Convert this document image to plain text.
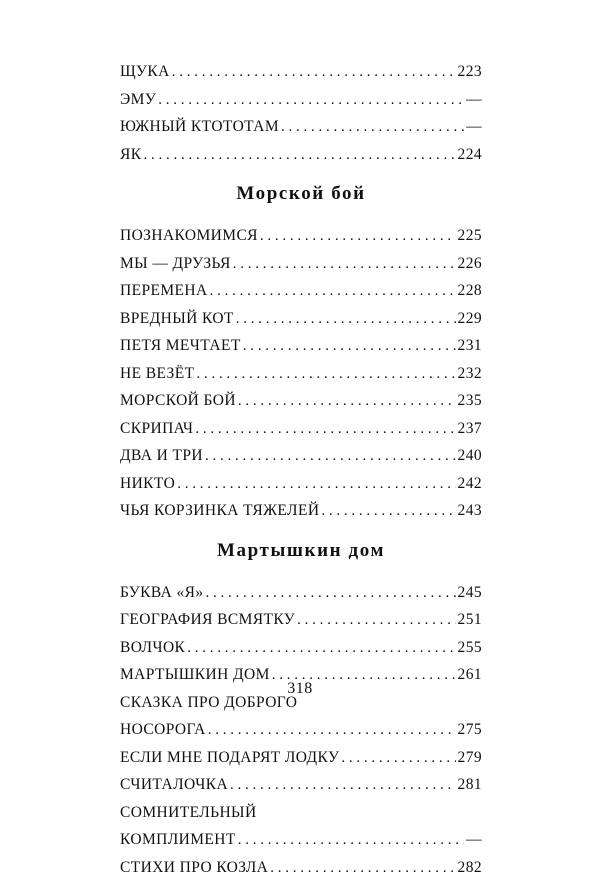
ЩУКА . . .	223
ЭМУ . . .	—
ЮЖНЫЙ КТОТОТАМ . . .	—
ЯК . . .	224
Морской бой
ПОЗНАКОМИМСЯ . . .	225
МЫ — ДРУЗЬЯ . . .	226
ПЕРЕМЕНА . . .	228
ВРЕДНЫЙ КОТ . . .	229
ПЕТЯ МЕЧТАЕТ . . .	231
НЕ ВЕЗЁТ . . .	232
МОРСКОЙ БОЙ . . .	235
СКРИПАЧ . . .	237
ДВА И ТРИ . . .	240
НИКТО . . .	242
ЧЬЯ КОРЗИНКА ТЯЖЕЛЕЙ . . .	243
Мартышкин дом
БУКВА «Я» . . .	245
ГЕОГРАФИЯ ВСМЯТКУ . . .	251
ВОЛЧОК . . .	255
МАРТЫШКИН ДОМ . . .	261
СКАЗКА ПРО ДОБРОГО
НОСОРОГА . . .	275
ЕСЛИ МНЕ ПОДАРЯТ ЛОДКУ . . .	279
СЧИТАЛОЧКА . . .	281
СОМНИТЕЛЬНЫЙ
КОМПЛИМЕНТ . . .	—
СТИХИ ПРО КОЗЛА . . .	282
318
